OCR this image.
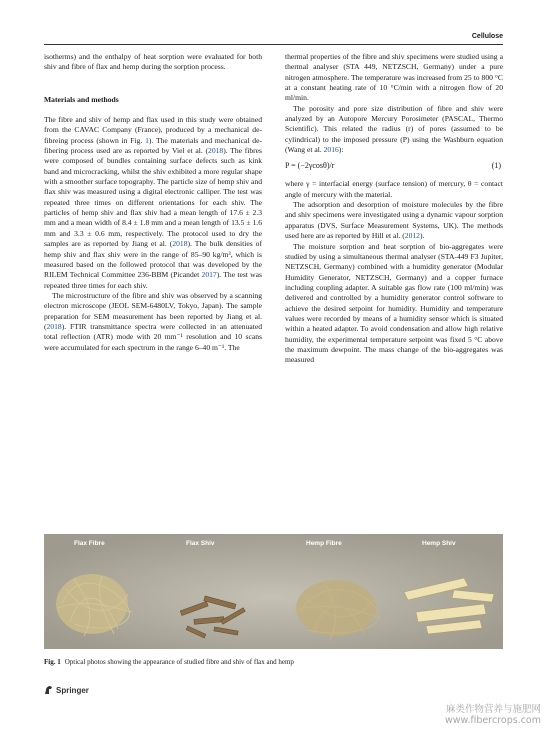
Cellulose

isotherms) and the enthalpy of heat sorption were evaluated for both shiv and fibre of flax and hemp during the sorption process.

Materials and methods

The fibre and shiv of hemp and flax used in this study were obtained from the CAVAC Company (France), produced by a mechanical de-fibreing process (shown in Fig. 1). The materials and mechanical de-fibering process used are as reported by Viel et al. (2018). The fibres were composed of bundles containing surface defects such as kink band and microcracking, whilst the shiv exhibited a more regular shape with a smoother surface topography. The particle size of hemp shiv and flax shiv was measured using a digital electronic calliper. The test was repeated three times on different orientations for each shiv. The particles of hemp shiv and flax shiv had a mean length of 17.6 ± 2.3 mm and a mean width of 8.4 ± 1.8 mm and a mean length of 13.5 ± 1.6 mm and 3.3 ± 0.6 mm, respectively. The protocol used to dry the samples are as reported by Jiang et al. (2018). The bulk densities of hemp shiv and flax shiv were in the range of 85–90 kg/m³, which is measured based on the followed protocol that was developed by the RILEM Technical Committee 236-BBM (Picandet 2017). The test was repeated three times for each shiv.

The microstructure of the fibre and shiv was observed by a scanning electron microscope (JEOL SEM-6480LV, Tokyo, Japan). The sample preparation for SEM measurement has been reported by Jiang et al. (2018). FTIR transmittance spectra were collected in an attenuated total reflection (ATR) mode with 20 mm⁻¹ resolution and 10 scans were accumulated for each spectrum in the range 6–40 m⁻¹. The

thermal properties of the fibre and shiv specimens were studied using a thermal analyser (STA 449, NETZSCH, Germany) under a pure nitrogen atmosphere. The temperature was increased from 25 to 800 °C at a constant heating rate of 10 °C/min with a nitrogen flow of 20 ml/min.

The porosity and pore size distribution of fibre and shiv were analyzed by an Autopore Mercury Porosimeter (PASCAL, Thermo Scientific). This related the radius (r) of pores (assumed to be cylindrical) to the imposed pressure (P) using the Washburn equation (Wang et al. 2016):

P = (−2γcosθ)/r	(1)

where γ = interfacial energy (surface tension) of mercury, θ = contact angle of mercury with the material.

The adsorption and desorption of moisture molecules by the fibre and shiv specimens were investigated using a dynamic vapour sorption apparatus (DVS, Surface Measurement Systems, UK). The methods used here are as reported by Hill et al. (2012).

The moisture sorption and heat sorption of bio-aggregates were studied by using a simultaneous thermal analyser (STA-449 F3 Jupiter, NETZSCH, Germany) combined with a humidity generator (Modular Humidity Generator, NETZSCH, Germany) and a copper furnace including coupling adapter. A suitable gas flow rate (100 ml/min) was delivered and controlled by a humidity generator control software to achieve the desired setpoint for humidity. Humidity and temperature values were recorded by means of a humidity sensor which is situated within a heated adapter. To avoid condensation and allow high relative humidity, the experimental temperature setpoint was fixed 5 °C above the maximum dewpoint. The mass change of the bio-aggregates was measured

Flax Fibre	Flax Shiv	Hemp Fibre	Hemp Shiv
Fig. 1 Optical photos showing the appearance of studied fibre and shiv of flax and hemp
Springer
麻类作物营养与施肥网
www.fibercrops.com
